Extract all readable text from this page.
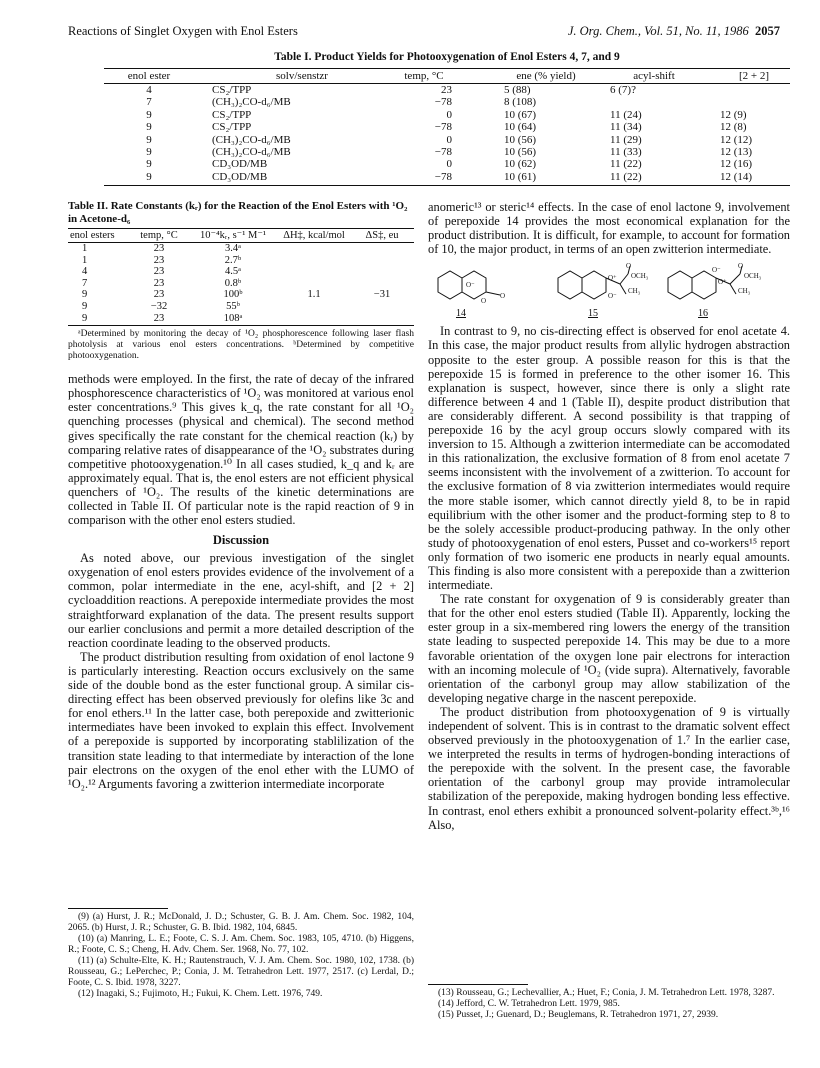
Reactions of Singlet Oxygen with Enol Esters	J. Org. Chem., Vol. 51, No. 11, 1986 2057
Table I. Product Yields for Photooxygenation of Enol Esters 4, 7, and 9
enol ester	solv/senstzr	temp, °C	ene (% yield)	acyl-shift	[2 + 2]
4	CS₂/TPP	23	5 (88)	6 (7)?	
7	(CH₃)₂CO-d₆/MB	−78	8 (108)		
9	CS₂/TPP	0	10 (67)	11 (24)	12 (9)
9	CS₂/TPP	−78	10 (64)	11 (34)	12 (8)
9	(CH₃)₂CO-d₆/MB	0	10 (56)	11 (29)	12 (12)
9	(CH₃)₂CO-d₆/MB	−78	10 (56)	11 (33)	12 (13)
9	CD₃OD/MB	0	10 (62)	11 (22)	12 (16)
9	CD₃OD/MB	−78	10 (61)	11 (22)	12 (14)
Table II. Rate Constants (kᵣ) for the Reaction of the Enol Esters with ¹O₂ in Acetone-d₆
enol esters	temp, °C	10⁻⁴kᵣ, s⁻¹ M⁻¹	ΔH‡, kcal/mol	ΔS‡, eu
1	23	3.4ᵃ		
1	23	2.7ᵇ		
4	23	4.5ᵃ		
7	23	0.8ᵇ		
9	23	100ᵇ	1.1	−31
9	−32	55ᵇ		
9	23	108ᵃ		
ᵃDetermined by monitoring the decay of ¹O₂ phosphorescence following laser flash photolysis at various enol esters concentrations. ᵇDetermined by competitive photooxygenation.

methods were employed. In the first, the rate of decay of the infrared phosphorescence characteristics of ¹O₂ was monitored at various enol ester concentrations.⁹ This gives k_q, the rate constant for all ¹O₂ quenching processes (physical and chemical). The second method gives specifically the rate constant for the chemical reaction (kᵣ) by comparing relative rates of disappearance of the ¹O₂ substrates during competitive photooxygenation.¹⁰ In all cases studied, k_q and kᵣ are approximately equal. That is, the enol esters are not efficient physical quenchers of ¹O₂. The results of the kinetic determinations are collected in Table II. Of particular note is the rapid reaction of 9 in comparison with the other enol esters studied.

Discussion

As noted above, our previous investigation of the singlet oxygenation of enol esters provides evidence of the involvement of a common, polar intermediate in the ene, acyl-shift, and [2 + 2] cycloaddition reactions. A perepoxide intermediate provides the most straightforward explanation of the data. The present results support our earlier conclusions and permit a more detailed description of the reaction coordinate leading to the observed products.

The product distribution resulting from oxidation of enol lactone 9 is particularly interesting. Reaction occurs exclusively on the same side of the double bond as the ester functional group. A similar cis-directing effect has been observed previously for olefins like 3c and for enol ethers.¹¹ In the latter case, both perepoxide and zwitterionic intermediates have been invoked to explain this effect. Involvement of a perepoxide is supported by incorporating stablilization of the transition state leading to that intermediate by interaction of the lone pair electrons on the oxygen of the enol ether with the LUMO of ¹O₂.¹² Arguments favoring a zwitterion intermediate incorporate

(9) (a) Hurst, J. R.; McDonald, J. D.; Schuster, G. B. J. Am. Chem. Soc. 1982, 104, 2065. (b) Hurst, J. R.; Schuster, G. B. Ibid. 1982, 104, 6845.

(10) (a) Manring, L. E.; Foote, C. S. J. Am. Chem. Soc. 1983, 105, 4710. (b) Higgens, R.; Foote, C. S.; Cheng, H. Adv. Chem. Ser. 1968, No. 77, 102.

(11) (a) Schulte-Elte, K. H.; Rautenstrauch, V. J. Am. Chem. Soc. 1980, 102, 1738. (b) Rousseau, G.; LePerchec, P.; Conia, J. M. Tetrahedron Lett. 1977, 2517. (c) Lerdal, D.; Foote, C. S. Ibid. 1978, 3227.

(12) Inagaki, S.; Fujimoto, H.; Fukui, K. Chem. Lett. 1976, 749.

anomeric¹³ or steric¹⁴ effects. In the case of enol lactone 9, involvement of perepoxide 14 provides the most economical explanation for the product distribution. It is difficult, for example, to account for formation of 10, the major product, in terms of an open zwitterion intermediate.

O⁻
O
O
O
OCH₃
O⁻
CH₃
O⁺
O⁻ O
OCH₃
CH₃
O⁺
14	15	16

In contrast to 9, no cis-directing effect is observed for enol acetate 4. In this case, the major product results from allylic hydrogen abstraction opposite to the ester group. A possible reason for this is that the perepoxide 15 is formed in preference to the other isomer 16. This explanation is suspect, however, since there is only a slight rate difference between 4 and 1 (Table II), despite product distribution that are considerably different. A second possibility is that trapping of perepoxide 16 by the acyl group occurs slowly compared with its inversion to 15. Although a zwitterion intermediate can be accomodated in this rationalization, the exclusive formation of 8 from enol acetate 7 seems inconsistent with the involvement of a zwitterion. To account for the exclusive formation of 8 via zwitterion intermediates would require the more stable isomer, which cannot directly yield 8, to be in rapid equilibrium with the other isomer and the product-forming step to 8 to be the solely accessible product-producing pathway. In the only other study of photooxygenation of enol esters, Pusset and co-workers¹⁵ report only formation of two isomeric ene products in nearly equal amounts. This finding is also more consistent with a perepoxide than a zwitterion intermediate.

The rate constant for oxygenation of 9 is considerably greater than that for the other enol esters studied (Table II). Apparently, locking the ester group in a six-membered ring lowers the energy of the transition state leading to suspected perepoxide 14. This may be due to a more favorable orientation of the oxygen lone pair electrons for interaction with an incoming molecule of ¹O₂ (vide supra). Alternatively, favorable orientation of the carbonyl group may allow stabilization of the developing negative charge in the nascent perepoxide.

The product distribution from photooxygenation of 9 is virtually independent of solvent. This is in contrast to the dramatic solvent effect observed previously in the photooxygenation of 1.⁷ In the earlier case, we interpreted the results in terms of hydrogen-bonding interactions of the perepoxide with the solvent. In the present case, the favorable orientation of the carbonyl group may provide intramolecular stabilization of the perepoxide, making hydrogen bonding less effective. In contrast, enol ethers exhibit a pronounced solvent-polarity effect.³ᵇ,¹⁶ Also,

(13) Rousseau, G.; Lechevallier, A.; Huet, F.; Conia, J. M. Tetrahedron Lett. 1978, 3287.

(14) Jefford, C. W. Tetrahedron Lett. 1979, 985.

(15) Pusset, J.; Guenard, D.; Beuglemans, R. Tetrahedron 1971, 27, 2939.
